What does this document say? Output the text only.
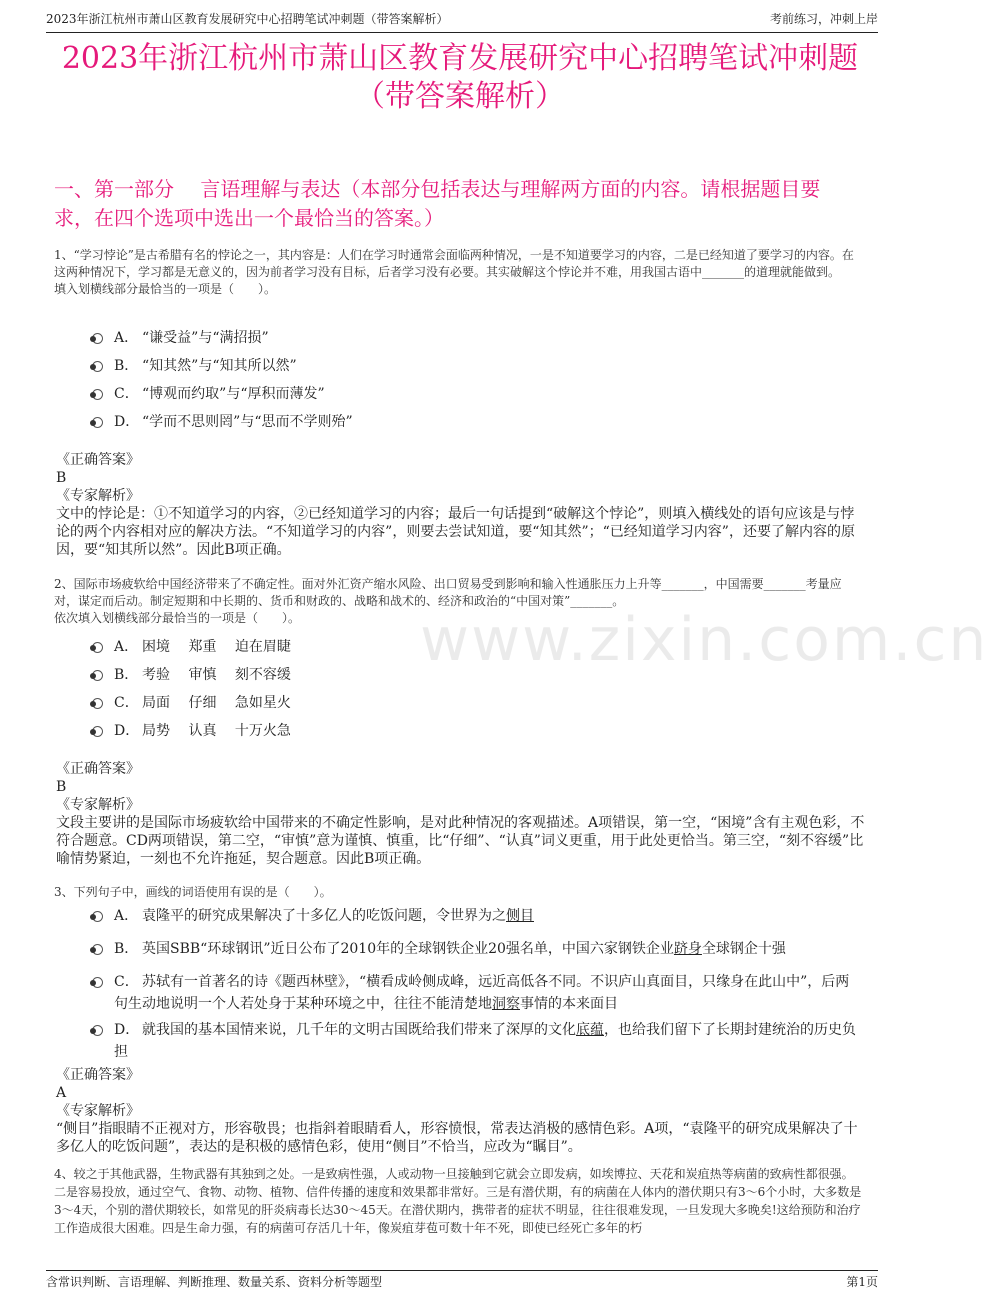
2023年浙江杭州市萧山区教育发展研究中心招聘笔试冲刺题（带答案解析）	考前练习，冲刺上岸
2023年浙江杭州市萧山区教育发展研究中心招聘笔试冲刺题
（带答案解析）
一、第一部分　 言语理解与表达（本部分包括表达与理解两方面的内容。请根据题目要求，在四个选项中选出一个最恰当的答案。）
www.zixin.com.cn
1、“学习悖论”是古希腊有名的悖论之一，其内容是：人们在学习时通常会面临两种情况，一是不知道要学习的内容，二是已经知道了要学习的内容。在这两种情况下，学习都是无意义的，因为前者学习没有目标，后者学习没有必要。其实破解这个悖论并不难，用我国古语中_______的道理就能做到。
填入划横线部分最恰当的一项是（　　）。
A． “谦受益”与“满招损”
B． “知其然”与“知其所以然”
C． “博观而约取”与“厚积而薄发”
D． “学而不思则罔”与“思而不学则殆”
《正确答案》
B
《专家解析》
文中的悖论是：①不知道学习的内容，②已经知道学习的内容；最后一句话提到“破解这个悖论”，则填入横线处的语句应该是与悖论的两个内容相对应的解决方法。“不知道学习的内容”，则要去尝试知道，要“知其然”；“已经知道学习内容”，还要了解内容的原因，要“知其所以然”。因此B项正确。
2、国际市场疲软给中国经济带来了不确定性。面对外汇资产缩水风险、出口贸易受到影响和输入性通胀压力上升等_______，中国需要_______考量应对，谋定而后动。制定短期和中长期的、货币和财政的、战略和战术的、经济和政治的“中国对策”_______。
依次填入划横线部分最恰当的一项是（　　）。
A． 困境　 郑重　 迫在眉睫
B． 考验　 审慎　 刻不容缓
C． 局面　 仔细　 急如星火
D． 局势　 认真　 十万火急
《正确答案》
B
《专家解析》
文段主要讲的是国际市场疲软给中国带来的不确定性影响，是对此种情况的客观描述。A项错误，第一空，“困境”含有主观色彩，不符合题意。CD两项错误，第二空，“审慎”意为谨慎、慎重，比“仔细”、“认真”词义更重，用于此处更恰当。第三空，“刻不容缓”比喻情势紧迫，一刻也不允许拖延，契合题意。因此B项正确。
3、下列句子中，画线的词语使用有误的是（　　）。
A． 袁隆平的研究成果解决了十多亿人的吃饭问题，令世界为之侧目
B． 英国SBB“环球钢讯”近日公布了2010年的全球钢铁企业20强名单，中国六家钢铁企业跻身全球钢企十强
C． 苏轼有一首著名的诗《题西林壁》，“横看成岭侧成峰，远近高低各不同。不识庐山真面目，只缘身在此山中”，后两句生动地说明一个人若处身于某种环境之中，往往不能清楚地洞察事情的本来面目
D． 就我国的基本国情来说，几千年的文明古国既给我们带来了深厚的文化底蕴，也给我们留下了长期封建统治的历史负担
《正确答案》
A
《专家解析》
“侧目”指眼睛不正视对方，形容敬畏；也指斜着眼睛看人，形容愤恨，常表达消极的感情色彩。A项，“袁隆平的研究成果解决了十多亿人的吃饭问题”，表达的是积极的感情色彩，使用“侧目”不恰当，应改为“瞩目”。
4、较之于其他武器，生物武器有其独到之处。一是致病性强，人或动物一旦接触到它就会立即发病，如埃博拉、天花和炭疽热等病菌的致病性都很强。二是容易投放，通过空气、食物、动物、植物、信件传播的速度和效果都非常好。三是有潜伏期，有的病菌在人体内的潜伏期只有3～6个小时，大多数是3～4天，个别的潜伏期较长，如常见的肝炎病毒长达30～45天。在潜伏期内，携带者的症状不明显，往往很难发现，一旦发现大多晚矣!这给预防和治疗工作造成很大困难。四是生命力强，有的病菌可存活几十年，像炭疽芽苞可数十年不死，即使已经死亡多年的朽
含常识判断、言语理解、判断推理、数量关系、资料分析等题型	第1页
